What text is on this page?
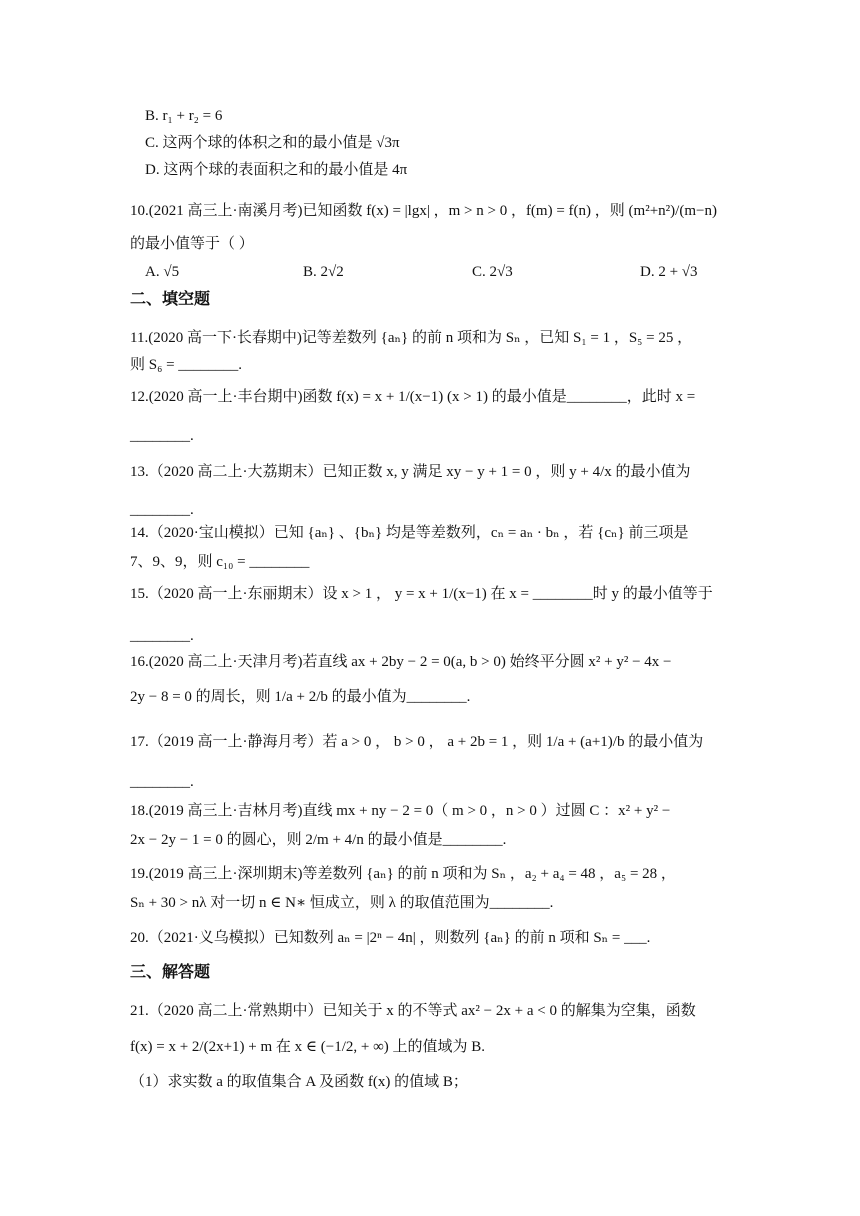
B. r₁ + r₂ = 6
C. 这两个球的体积之和的最小值是 √3π
D. 这两个球的表面积之和的最小值是 4π
10.(2021 高三上·南溪月考)已知函数 f(x) = |lgx| ，m > n > 0 ，f(m) = f(n) ，则 (m²+n²)/(m−n)
的最小值等于（ ）
A. √5	B. 2√2	C. 2√3	D. 2 + √3
二、填空题
11.(2020 高一下·长春期中)记等差数列 {aₙ} 的前 n 项和为 Sₙ ，已知 S₁ = 1 ，S₅ = 25 ，
则 S₆ = ________.
12.(2020 高一上·丰台期中)函数 f(x) = x + 1/(x−1) (x > 1) 的最小值是________，此时 x =
________.
13.（2020 高二上·大荔期末）已知正数 x, y 满足 xy − y + 1 = 0 ，则 y + 4/x 的最小值为
________.
14.（2020·宝山模拟）已知 {aₙ} 、{bₙ} 均是等差数列，cₙ = aₙ · bₙ ，若 {cₙ} 前三项是
7、9、9，则 c₁₀ = ________
15.（2020 高一上·东丽期末）设 x > 1 ， y = x + 1/(x−1) 在 x = ________时 y 的最小值等于
________.
16.(2020 高二上·天津月考)若直线 ax + 2by − 2 = 0(a, b > 0) 始终平分圆 x² + y² − 4x −
2y − 8 = 0 的周长，则 1/a + 2/b 的最小值为________.
17.（2019 高一上·静海月考）若 a > 0 ， b > 0 ， a + 2b = 1 ，则 1/a + (a+1)/b 的最小值为
________.
18.(2019 高三上·吉林月考)直线 mx + ny − 2 = 0（ m > 0 ，n > 0 ）过圆 C ：x² + y² −
2x − 2y − 1 = 0 的圆心，则 2/m + 4/n 的最小值是________.
19.(2019 高三上·深圳期末)等差数列 {aₙ} 的前 n 项和为 Sₙ ，a₂ + a₄ = 48 ，a₅ = 28 ，
Sₙ + 30 > nλ 对一切 n ∈ N∗ 恒成立，则 λ 的取值范围为________.
20.（2021·义乌模拟）已知数列 aₙ = |2ⁿ − 4n| ，则数列 {aₙ} 的前 n 项和 Sₙ = ___.
三、解答题
21.（2020 高二上·常熟期中）已知关于 x 的不等式 ax² − 2x + a < 0 的解集为空集，函数
f(x) = x + 2/(2x+1) + m 在 x ∈ (−1/2, + ∞) 上的值域为 B.
（1）求实数 a 的取值集合 A 及函数 f(x) 的值域 B；
